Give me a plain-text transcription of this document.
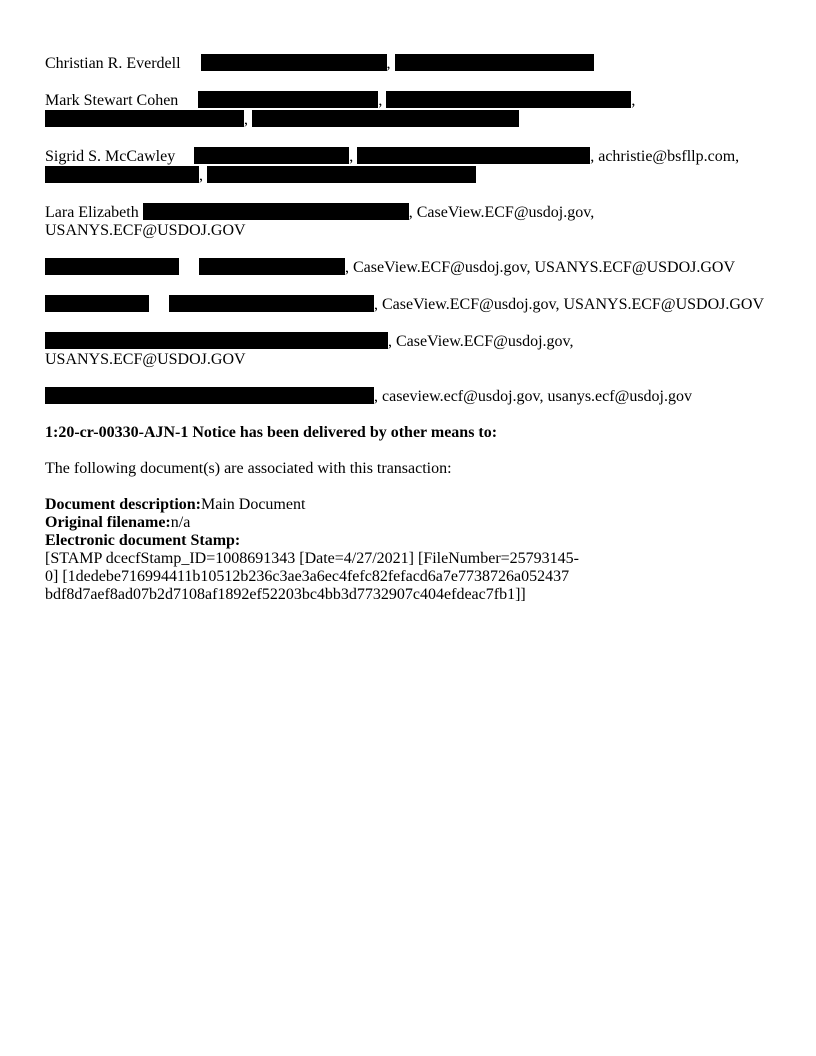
Christian R. Everdell	,
Mark Stewart Cohen	,	,
,
Sigrid S. McCawley	,	, achristie@bsfllp.com,
,
Lara Elizabeth	, CaseView.ECF@usdoj.gov,
USANYS.ECF@USDOJ.GOV
, CaseView.ECF@usdoj.gov, USANYS.ECF@USDOJ.GOV
, CaseView.ECF@usdoj.gov, USANYS.ECF@USDOJ.GOV
, CaseView.ECF@usdoj.gov,
USANYS.ECF@USDOJ.GOV
, caseview.ecf@usdoj.gov, usanys.ecf@usdoj.gov
1:20-cr-00330-AJN-1 Notice has been delivered by other means to:
The following document(s) are associated with this transaction:
Document description:Main Document
Original filename:n/a
Electronic document Stamp:
[STAMP dcecfStamp_ID=1008691343 [Date=4/27/2021] [FileNumber=25793145-
0] [1dedebe716994411b10512b236c3ae3a6ec4fefc82fefacd6a7e7738726a052437
bdf8d7aef8ad07b2d7108af1892ef52203bc4bb3d7732907c404efdeac7fb1]]
